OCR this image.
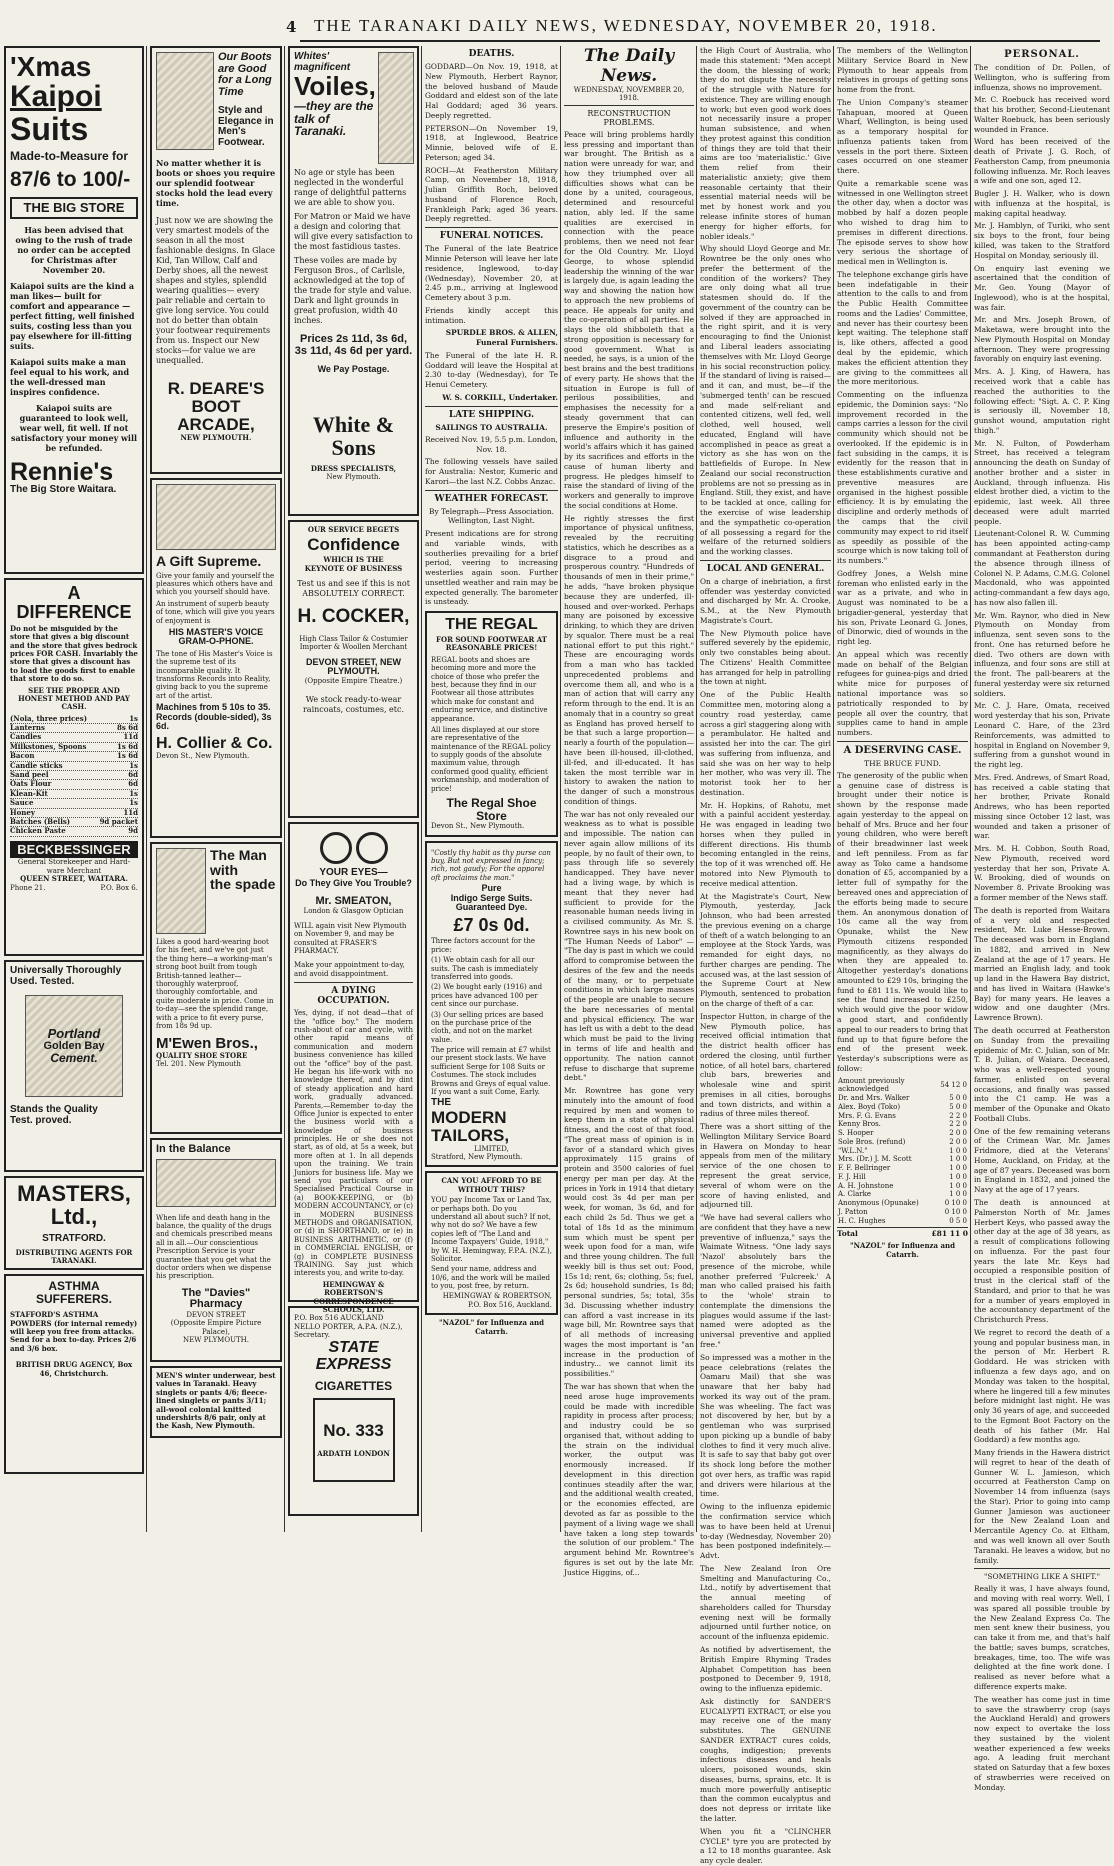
4 THE TARANAKI DAILY NEWS, WEDNESDAY, NOVEMBER 20, 1918.
'Xmas
Kaipoi
Suits
Made-to-Measure for
87/6 to 100/-
THE BIG STORE

Has been advised that owing to the rush of trade no order can be accepted for Christmas after November 20.

Kaiapoi suits are the kind a man likes— built for comfort and appearance — perfect fitting, well finished suits, costing less than you pay elsewhere for ill-fitting suits.

Kaiapoi suits make a man feel equal to his work, and the well-dressed man inspires confidence.

Kaiapoi suits are guaranteed to look well, wear well, fit well. If not satisfactory your money will be refunded.

Rennie's
The Big Store Waitara.
A DIFFERENCE

Do not be misguided by the store that gives a big discount and the store that gives bedrock prices FOR CASH. Invariably the store that gives a discount has to load the goods first to enable that store to do so.

SEE THE PROPER AND HONEST METHOD AND PAY CASH.

(Nola, three prices)	1s
Lanterns	8s 6d
Candles	11d
Milkstones, Spoons	1s 6d
Bacon	1s 6d
Candle sticks	1s
Sand peel	6d
Oats Flour	6d
Klean-Kit	1s
Sauce	1s
Honey	11d
Batches (Bells)	9d packet
Chicken Paste	9d
BECKBESSINGER
General Storekeeper and Hard-ware Merchant
QUEEN STREET, WAITARA.
Phone 21.	P.O. Box 6.
Universally Thoroughly
Used. Tested.
Portland
Golden Bay
Cement.
Stands the Quality
Test. proved.
MASTERS, Ltd.,
STRATFORD.
DISTRIBUTING AGENTS FOR TARANAKI.
ASTHMA SUFFERERS.

STAFFORD'S ASTHMA POWDERS (for internal remedy) will keep you free from attacks. Send for a box to-day. Prices 2/6 and 3/6 box.

BRITISH DRUG AGENCY, Box 46, Christchurch.

Our Boots are Good for a Long Time
Style and Elegance in Men's Footwear.

No matter whether it is boots or shoes you require our splendid footwear stocks hold the lead every time.

Just now we are showing the very smartest models of the season in all the most fashionable designs. In Glace Kid, Tan Willow, Calf and Derby shoes, all the newest shapes and styles, splendid wearing qualities— every pair reliable and certain to give long service. You could not do better than obtain your footwear requirements from us. Inspect our New stocks—for value we are unequalled.

R. DEARE'S
BOOT
ARCADE,
NEW PLYMOUTH.
A Gift Supreme.

Give your family and yourself the pleasures which others have and which you yourself should have.

An instrument of superb beauty of tone, which will give you years of enjoyment is

HIS MASTER'S VOICE GRAM-O-PHONE.

The tone of His Master's Voice is the supreme test of its incomparable quality. It transforms Records into Reality, giving back to you the supreme art of the artist.

Machines from 5 10s to 35.
Records (double-sided), 3s 6d.
H. Collier & Co.
Devon St., New Plymouth.
The Man with
the spade

Likes a good hard-wearing boot for his feet, and we've got just the thing here—a working-man's strong boot built from tough British-tanned leather—thoroughly waterproof, thoroughly comfortable, and quite moderate in price. Come in to-day—see the splendid range, with a price to fit every purse, from 18s 9d up.

M'Ewen Bros.,
QUALITY SHOE STORE
Tel. 201. New Plymouth
In the Balance

When life and death hang in the balance, the quality of the drugs and chemicals prescribed means all in all.—Our conscientious Prescription Service is your guarantee that you get what the doctor orders when we dispense his prescription.

The "Davies" Pharmacy
DEVON STREET
(Opposite Empire Picture Palace),
NEW PLYMOUTH.

MEN'S winter underwear, best values in Taranaki. Heavy singlets or pants 4/6; fleece-lined singlets or pants 3/11; all-wool colonial knitted undershirts 8/6 pair, only at the Kash, New Plymouth.

Whites' magnificent
Voiles,
—they are the talk of Taranaki.

No age or style has been neglected in the wonderful range of delightful patterns we are able to show you.

For Matron or Maid we have a design and coloring that will give every satisfaction to the most fastidious tastes.

These voiles are made by Ferguson Bros., of Carlisle, acknowledged at the top of the trade for style and value. Dark and light grounds in great profusion, width 40 inches.

Prices 2s 11d, 3s 6d, 3s 11d, 4s 6d per yard.
We Pay Postage.
White & Sons
DRESS SPECIALISTS,
New Plymouth.
OUR SERVICE BEGETS
Confidence
WHICH IS THE
KEYNOTE OF BUSINESS

Test us and see if this is not ABSOLUTELY CORRECT.

H. COCKER,
High Class Tailor & Costumier Importer & Woollen Merchant
DEVON STREET, NEW PLYMOUTH.
(Opposite Empire Theatre.)

We stock ready-to-wear raincoats, costumes, etc.

YOUR EYES—
Do They Give You Trouble?
Mr. SMEATON,
London & Glasgow Optician

WILL again visit New Plymouth on November 9, and may be consulted at FRASER'S PHARMACY.

Make your appointment to-day, and avoid disappointment.

A DYING OCCUPATION.

Yes, dying, if not dead—that of the "office boy." The modern rush-about of car and cycle, with other rapid means of communication and modern business convenience has killed out the "office" boy of the past. He began his life-work with no knowledge thereof, and by dint of steady application and hard work, gradually advanced. Parents,—Remember to-day the Office Junior is expected to enter the business world with a knowledge of business principles. He or she does not start, as of old, at 5s a week, but more often at 1. In all depends upon the training. We train Juniors for business life. May we send you particulars of our Specialised Practical Course in (a) BOOK-KEEPING, or (b) MODERN ACCOUNTANCY, or (c) in MODERN BUSINESS METHODS and ORGANISATION, or (d) in SHORTHAND, or (e) in BUSINESS ARITHMETIC, or (f) in COMMERCIAL ENGLISH, or (g) in COMPLETE BUSINESS TRAINING. Say just which interests you, and write to-day.

HEMINGWAY & ROBERTSON'S CORRESPONDENCE SCHOOLS, LTD.
P.O. Box 516 AUCKLAND
NELLO PORTER, A.P.A. (N.Z.), Secretary.
STATE EXPRESS
CIGARETTES
No. 333
ARDATH LONDON
DEATHS.

GODDARD—On Nov. 19, 1918, at New Plymouth, Herbert Raynor, the beloved husband of Maude Goddard and eldest son of the late Hal Goddard; aged 36 years. Deeply regretted.

PETERSON—On November 19, 1918, at Inglewood, Beatrice Minnie, beloved wife of E. Peterson; aged 34.

ROCH—At Featherston Military Camp, on November 18, 1918, Julian Griffith Roch, beloved husband of Florence Roch, Frankleigh Park; aged 36 years. Deeply regretted.

FUNERAL NOTICES.

The Funeral of the late Beatrice Minnie Peterson will leave her late residence, Inglewood, to-day (Wednesday), November 20, at 2.45 p.m., arriving at Inglewood Cemetery about 3 p.m.

Friends kindly accept this intimation.

SPURDLE BROS. & ALLEN, Funeral Furnishers.

The Funeral of the late H. R. Goddard will leave the Hospital at 2.30 to-day (Wednesday), for Te Henui Cemetery.

W. S. CORKILL, Undertaker.

LATE SHIPPING.
SAILINGS TO AUSTRALIA.

Received Nov. 19, 5.5 p.m. London, Nov. 18.

The following vessels have sailed for Australia: Nestor, Kumeric and Karori—the last N.Z. Cobbs Anzac.

WEATHER FORECAST.

By Telegraph—Press Association. Wellington, Last Night.

Present indications are for strong and variable winds, with southerlies prevailing for a brief period, veering to increasing westerlies again soon. Further unsettled weather and rain may be expected generally. The barometer is unsteady.

THE REGAL
FOR SOUND FOOTWEAR AT REASONABLE PRICES!

REGAL boots and shoes are becoming more and more the choice of those who prefer the best, because they find in our Footwear all those attributes which make for constant and enduring service, and distinctive appearance.

All lines displayed at our store are representative of the maintenance of the REGAL policy to supply goods of the absolute maximum value, through conformed good quality, efficient workmanship, and moderation of price!

The Regal Shoe Store
Devon St., New Plymouth.

"Costly thy habit as thy purse can buy, But not expressed in fancy; rich, not gaudy; For the apparel oft proclaims the man."

Pure
Indigo Serge Suits.
Guaranteed Dye.
£7 0s 0d.
Three factors account for the price:

(1) We obtain cash for all our suits. The cash is immediately transferred into goods.

(2) We bought early (1916) and prices have advanced 100 per cent since our purchase.

(3) Our selling prices are based on the purchase price of the cloth, and not on the market value.

The price will remain at £7 whilst our present stock lasts. We have sufficient Serge for 108 Suits or Costumes. The stock includes Browns and Greys of equal value. If you want a suit Come, Early.

THE
MODERN
TAILORS,
LIMITED,
Stratford, New Plymouth.
CAN YOU AFFORD TO BE WITHOUT THIS?

YOU pay Income Tax or Land Tax, or perhaps both. Do you understand all about such? If not, why not do so? We have a few copies left of "The Land and Income Taxpayers' Guide, 1918," by W. H. Hemingway, F.P.A. (N.Z.), Solicitor.

Send your name, address and 10/6, and the work will be mailed to you, post free, by return.

HEMINGWAY & ROBERTSON, P.O. Box 516, Auckland.
"NAZOL" for Influenza and Catarrh.
The Daily News.
WEDNESDAY, NOVEMBER 20, 1918.
RECONSTRUCTION PROBLEMS.

Peace will bring problems hardly less pressing and important than war brought. The British as a nation were unready for war, and how they triumphed over all difficulties shows what can be done by a united, courageous, determined and resourceful nation, ably led. If the same qualities are exercised in connection with the peace problems, then we need not fear for the Old Country. Mr. Lloyd George, to whose splendid leadership the winning of the war is largely due, is again leading the way and showing the nation how to approach the new problems of peace. He appeals for unity and the co-operation of all parties. He slays the old shibboleth that a strong opposition is necessary for good government. What is needed, he says, is a union of the best brains and the best traditions of every party. He shows that the situation in Europe is full of perilous possibilities, and emphasises the necessity for a steady government that can preserve the Empire's position of influence and authority in the world's affairs which it has gained by its sacrifices and efforts in the cause of human liberty and progress. He pledges himself to raise the standard of living of the workers and generally to improve the social conditions at Home.

He rightly stresses the first importance of physical unfitness, revealed by the recruiting statistics, which he describes as a disgrace to a proud and prosperous country. "Hundreds of thousands of men in their prime," he adds, "have broken physique because they are underfed, ill-housed and over-worked. Perhaps many are poisoned by excessive drinking, to which they are driven by squalor. There must be a real national effort to put this right." These are encouraging words from a man who has tackled unprecedented problems and overcome them all, and who is a man of action that will carry any reform through to the end. It is an anomaly that in a country so great as England has proved herself to be that such a large proportion—nearly a fourth of the population—have been ill-housed, ill-clothed, ill-fed, and ill-educated. It has taken the most terrible war in history to awaken the nation to the danger of such a monstrous condition of things.

The war has not only revealed our weakness as to what is possible and impossible. The nation can never again allow millions of its people, by no fault of their own, to pass through life so severely handicapped. They have never had a living wage, by which is meant that they never had sufficient to provide for the reasonable human needs living in a civilised community. As Mr. S. Rowntree says in his new book on "The Human Needs of Labor" — "The day is past in which we could afford to compromise between the desires of the few and the needs of the many, or to perpetuate conditions in which large masses of the people are unable to secure the bare necessaries of mental and physical efficiency. The war has left us with a debt to the dead which must be paid to the living in terms of life and health and opportunity. The nation cannot refuse to discharge that supreme debt."

Mr. Rowntree has gone very minutely into the amount of food required by men and women to keep them in a state of physical fitness, and the cost of that food. "The great mass of opinion is in favor of a standard which gives approximately 115 grains of protein and 3500 calories of fuel energy per man per day. At the prices in York in 1914 that dietary would cost 3s 4d per man per week, for woman, 3s 6d, and for each child 2s 5d. Thus we get a total of 18s 1d as the minimum sum which must be spent per week upon food for a man, wife and three young children. The full weekly bill is thus set out: Food, 15s 1d; rent, 6s; clothing, 5s; fuel, 2s 6d; household sundries, 1s 8d; personal sundries, 5s; total, 35s 3d. Discussing whether industry can afford a vast increase in its wage bill, Mr. Rowntree says that of all methods of increasing wages the most important is "an increase in the production of industry... we cannot limit its possibilities."

The war has shown that when the need arose huge improvements could be made with incredible rapidity in process after process; and industry could be so organised that, without adding to the strain on the individual worker, the output was enormously increased. If development in this direction continues steadily after the war, and the additional wealth created, or the economies effected, are devoted as far as possible to the payment of a living wage we shall have taken a long step towards the solution of our problem." The argument behind Mr. Rowntree's figures is set out by the late Mr. Justice Higgins, of...

the High Court of Australia, who made this statement: "Men accept the doom, the blessing of work; they do not dispute the necessity of the struggle with Nature for existence. They are willing enough to work; but even good work does not necessarily insure a proper human subsistence, and when they protest against this condition of things they are told that their aims are too 'materialistic.' Give them relief from their materialistic anxiety; give them reasonable certainty that their essential material needs will be met by honest work and you release infinite stores of human energy for higher efforts, for nobler ideals."

Why should Lloyd George and Mr. Rowntree be the only ones who prefer the betterment of the condition of the workers? They are only doing what all true statesmen should do. If the government of the country can be solved if they are approached in the right spirit, and it is very encouraging to find the Unionist and Liberal leaders associating themselves with Mr. Lloyd George in his social reconstruction policy. If the standard of living is raised—and it can, and must, be—if the 'submerged tenth' can be rescued and made self-reliant and contented citizens, well fed, well clothed, well housed, well educated, England will have accomplished in peace as great a victory as she has won on the battlefields of Europe. In New Zealand our social reconstruction problems are not so pressing as in England. Still, they exist, and have to be tackled at once, calling for the exercise of wise leadership and the sympathetic co-operation of all possessing a regard for the welfare of the returned soldiers and the working classes.

LOCAL AND GENERAL.

On a charge of inebriation, a first offender was yesterday convicted and discharged by Mr. A. Crooke, S.M., at the New Plymouth Magistrate's Court.

The New Plymouth police have suffered severely by the epidemic, only two constables being about. The Citizens' Health Committee has arranged for help in patrolling the town at night.

One of the Public Health Committee men, motoring along a country road yesterday, came across a girl staggering along with a perambulator. He halted and assisted her into the car. The girl was suffering from influenza, and said she was on her way to help her mother, who was very ill. The motorist took her to her destination.

Mr. H. Hopkins, of Rahotu, met with a painful accident yesterday. He was engaged in leading two horses when they pulled in different directions. His thumb becoming entangled in the reins, the top of it was wrenched off. He motored into New Plymouth to receive medical attention.

At the Magistrate's Court, New Plymouth, yesterday, Jack Johnson, who had been arrested the previous evening on a charge of theft of a watch belonging to an employee at the Stock Yards, was remanded for eight days, no further charges are pending. The accused was, at the last session of the Supreme Court at New Plymouth, sentenced to probation on the charge of theft of a car.

Inspector Hutton, in charge of the New Plymouth police, has received official intimation that the district health officer has ordered the closing, until further notice, of all hotel bars, chartered club bars, breweries and wholesale wine and spirit premises in all cities, boroughs and town districts, and within a radius of three miles thereof.

There was a short sitting of the Wellington Military Service Board in Hawera on Monday to hear appeals from men of the military service of the one chosen to represent the great service, several of whom were on the score of having enlisted, and adjourned till.

"We have had several callers who are confident that they have a new preventive of influenza," says the Waimate Witness. "One lady says 'Nazol' absolutely bars the presence of the microbe, while another preferred 'Fulcreek.' A man who called praised his faith to the 'whole' strain to contemplate the dimensions the plagues would assume if the last-named were adopted as the universal preventive and applied free."

So impressed was a mother in the peace celebrations (relates the Oamaru Mail) that she was unaware that her baby had worked its way out of the pram. She was wheeling. The fact was not discovered by her, but by a gentleman who was surprised upon picking up a bundle of baby clothes to find it very much alive. It is safe to say that baby got over its shock long before the mother got over hers, as traffic was rapid and drivers were hilarious at the time.

Owing to the influenza epidemic the confirmation service which was to have been held at Urenui to-day (Wednesday, November 20) has been postponed indefinitely.—Advt.

The New Zealand Iron Ore Smelting and Manufacturing Co., Ltd., notify by advertisement that the annual meeting of shareholders called for Thursday evening next will be formally adjourned until further notice, on account of the influenza epidemic.

As notified by advertisement, the British Empire Rhyming Trades Alphabet Competition has been postponed to December 9, 1918, owing to the influenza epidemic.

Ask distinctly for SANDER'S EUCALYPTI EXTRACT, or else you may receive one of the many substitutes. The GENUINE SANDER EXTRACT cures colds, coughs, indigestion; prevents infectious diseases and heals ulcers, poisoned wounds, skin diseases, burns, sprains, etc. It is much more powerfully antiseptic than the common eucalyptus and does not depress or irritate like the latter.

When you fit a "CLINCHER CYCLE" tyre you are protected by a 12 to 18 months guarantee. Ask any cycle dealer.

The members of the Wellington Military Service Board in New Plymouth to hear appeals from relatives in groups of getting sons home from the front.

The Union Company's steamer Tahapuan, moored at Queen Wharf, Wellington, is being used as a temporary hospital for influenza patients taken from vessels in the port there. Sixteen cases occurred on one steamer there.

Quite a remarkable scene was witnessed in one Wellington street the other day, when a doctor was mobbed by half a dozen people who wished to drag him to premises in different directions. The episode serves to show how very serious the shortage of medical men in Wellington is.

The telephone exchange girls have been indefatigable in their attention to the calls to and from the Public Health Committee rooms and the Ladies' Committee, and never has their courtesy been kept waiting. The telephone staff is, like others, affected a good deal by the epidemic, which makes the efficient attention they are giving to the committees all the more meritorious.

Commenting on the influenza epidemic, the Dominion says: "No improvement recorded in the camps carries a lesson for the civil community which should not be overlooked. If the epidemic is in fact subsiding in the camps, it is evidently for the reason that in these establishments curative and preventive measures are organised in the highest possible efficiency. It is by emulating the discipline and orderly methods of the camps that the civil community may expect to rid itself as speedily as possible of the scourge which is now taking toll of its numbers."

Godfrey Jones, a Welsh mine foreman who enlisted early in the war as a private, and who in August was nominated to be a brigadier-general, yesterday that his son, Private Leonard G. Jones, of Dinorwic, died of wounds in the right leg.

An appeal which was recently made on behalf of the Belgian refugees for guinea-pigs and dried white mice for purposes of national importance was so patriotically responded to by people all over the country, that supplies came to hand in ample numbers.

A DESERVING CASE.
THE BRUCE FUND.

The generosity of the public when a genuine case of distress is brought under their notice is shown by the response made again yesterday to the appeal on behalf of Mrs. Bruce and her four young children, who were bereft of their breadwinner last week and left penniless. From as far away as Toko came a handsome donation of £5, accompanied by a letter full of sympathy for the bereaved ones and appreciation of the efforts being made to secure them. An anonymous donation of 10s came all the way from Opunake, whilst the New Plymouth citizens responded magnificently, as they always do when they are appealed to. Altogether yesterday's donations amounted to £29 10s, bringing the fund to £81 11s. We would like to see the fund increased to £250, which would give the poor widow a good start, and confidently appeal to our readers to bring that fund up to that figure before the end of the present week. Yesterday's subscriptions were as follow:

Amount previously acknowledged	54 12 0
Dr. and Mrs. Walker	5 0 0
Alex. Boyd (Toko)	5 0 0
Mrs. F. G. Evans	2 2 0
Kenny Bros.	2 2 0
S. Hooper	2 0 0
Sole Bros. (refund)	2 0 0
"W.L.N."	1 0 0
Mrs. (Dr.) J. M. Scott	1 0 0
F. F. Bellringer	1 0 0
F. J. Hill	1 0 0
A. H. Johnstone	1 0 0
A. Clarke	1 0 0
Anonymous (Opunake)	0 10 0
J. Patton	0 10 0
H. C. Hughes	0 5 0
Total	£81 11 0
"NAZOL" for Influenza and Catarrh.
PERSONAL.

The condition of Dr. Pollen, of Wellington, who is suffering from influenza, shows no improvement.

Mr. C. Roebuck has received word that his brother, Second-Lieutenant Walter Roebuck, has been seriously wounded in France.

Word has been received of the death of Private J. G. Roch, of Featherston Camp, from pneumonia following influenza. Mr. Roch leaves a wife and one son, aged 12.

Bugler J. H. Walker, who is down with influenza at the hospital, is making capital headway.

Mr. J. Hamblyn, of Turiki, who sent six boys to the front, four being killed, was taken to the Stratford Hospital on Monday, seriously ill.

On enquiry last evening we ascertained that the condition of Mr. Geo. Young (Mayor of Inglewood), who is at the hospital, was fair.

Mr. and Mrs. Joseph Brown, of Maketawa, were brought into the New Plymouth Hospital on Monday afternoon. They were progressing favorably on enquiry last evening.

Mrs. A. J. King, of Hawera, has received work that a cable has reached the authorities to the following effect: "Sigt. A. C. P. King is seriously ill, November 18, gunshot wound, amputation right thigh."

Mr. N. Fulton, of Powderham Street, has received a telegram announcing the death on Sunday of another brother and a sister in Auckland, through influenza. His eldest brother died, a victim to the epidemic, last week. All three deceased were adult married people.

Lieutenant-Colonel R. W. Cumming has been appointed acting-camp commandant at Featherston during the absence through illness of Colonel N. P. Adams, C.M.G. Colonel Macdonald, who was appointed acting-commandant a few days ago, has now also fallen ill.

Mr. Wm. Raynor, who died in New Plymouth on Monday from influenza, sent seven sons to the front. One has returned before he died. Two others are down with influenza, and four sons are still at the front. The pall-bearers at the funeral yesterday were six returned soldiers.

Mr. C. J. Hare, Omata, received word yesterday that his son, Private Leonard C. Hare, of the 23rd Reinforcements, was admitted to hospital in England on November 9, suffering from a gunshot wound in the right leg.

Mrs. Fred. Andrews, of Smart Road, has received a cable stating that her brother, Private Ronald Andrews, who has been reported missing since October 12 last, was wounded and taken a prisoner of war.

Mrs. M. H. Cobbon, South Road, New Plymouth, received word yesterday that her son, Private A. W. Brooking, died of wounds on November 8. Private Brooking was a former member of the News staff.

The death is reported from Waitara of a very old and respected resident, Mr. Luke Hesse-Brown. The deceased was born in England in 1882, and arrived in New Zealand at the age of 17 years. He married an English lady, and took up land in the Hawera Bay district, and has lived in Waitara (Hawke's Bay) for many years. He leaves a widow and one daughter (Mrs. Lawrence Brown).

The death occurred at Featherston on Sunday from the prevailing epidemic of Mr. C. Julian, son of Mr. T. B. Julian, of Waiara. Deceased, who was a well-respected young farmer, enlisted on several occasions, and finally was passed into the C1 camp. He was a member of the Opunake and Okato Football Clubs.

One of the few remaining veterans of the Crimean War, Mr. James Fridmore, died at the Veterans' Home, Auckland, on Friday, at the age of 87 years. Deceased was born in England in 1832, and joined the Navy at the age of 17 years.

The death is announced at Palmerston North of Mr. James Herbert Keys, who passed away the other day at the age of 38 years, as a result of complications following on influenza. For the past four years the late Mr. Keys had occupied a responsible position of trust in the clerical staff of the Standard, and prior to that he was for a number of years employed in the accountancy department of the Christchurch Press.

We regret to record the death of a young and popular business man, in the person of Mr. Herbert R. Goddard. He was stricken with influenza a few days ago, and on Monday was taken to the hospital, where he lingered till a few minutes before midnight last night. He was only 36 years of age, and succeeded to the Egmont Boot Factory on the death of his father (Mr. Hal Goddard) a few months ago.

Many friends in the Hawera district will regret to hear of the death of Gunner W. L. Jamieson, which occurred at Featherston Camp on November 14 from influenza (says the Star). Prior to going into camp Gunner Jamieson was auctioneer for the New Zealand Loan and Mercantile Agency Co. at Eltham, and was well known all over South Taranaki. He leaves a widow, but no family.

"SOMETHING LIKE A SHIFT."

Really it was, I have always found, and moving with real worry. Well, I was spared all possible trouble by the New Zealand Express Co. The men sent knew their business, you can take it from me, and that's half the battle; saves bumps, scratches, breakages, time, too. The wife was delighted at the fine work done. I realised as never before what a difference experts make.

The weather has come just in time to save the strawberry crop (says the Auckland Herald) and growers now expect to overtake the loss they sustained by the violent weather experienced a few weeks ago. A leading fruit merchant stated on Saturday that a few boxes of strawberries were received on Monday.
